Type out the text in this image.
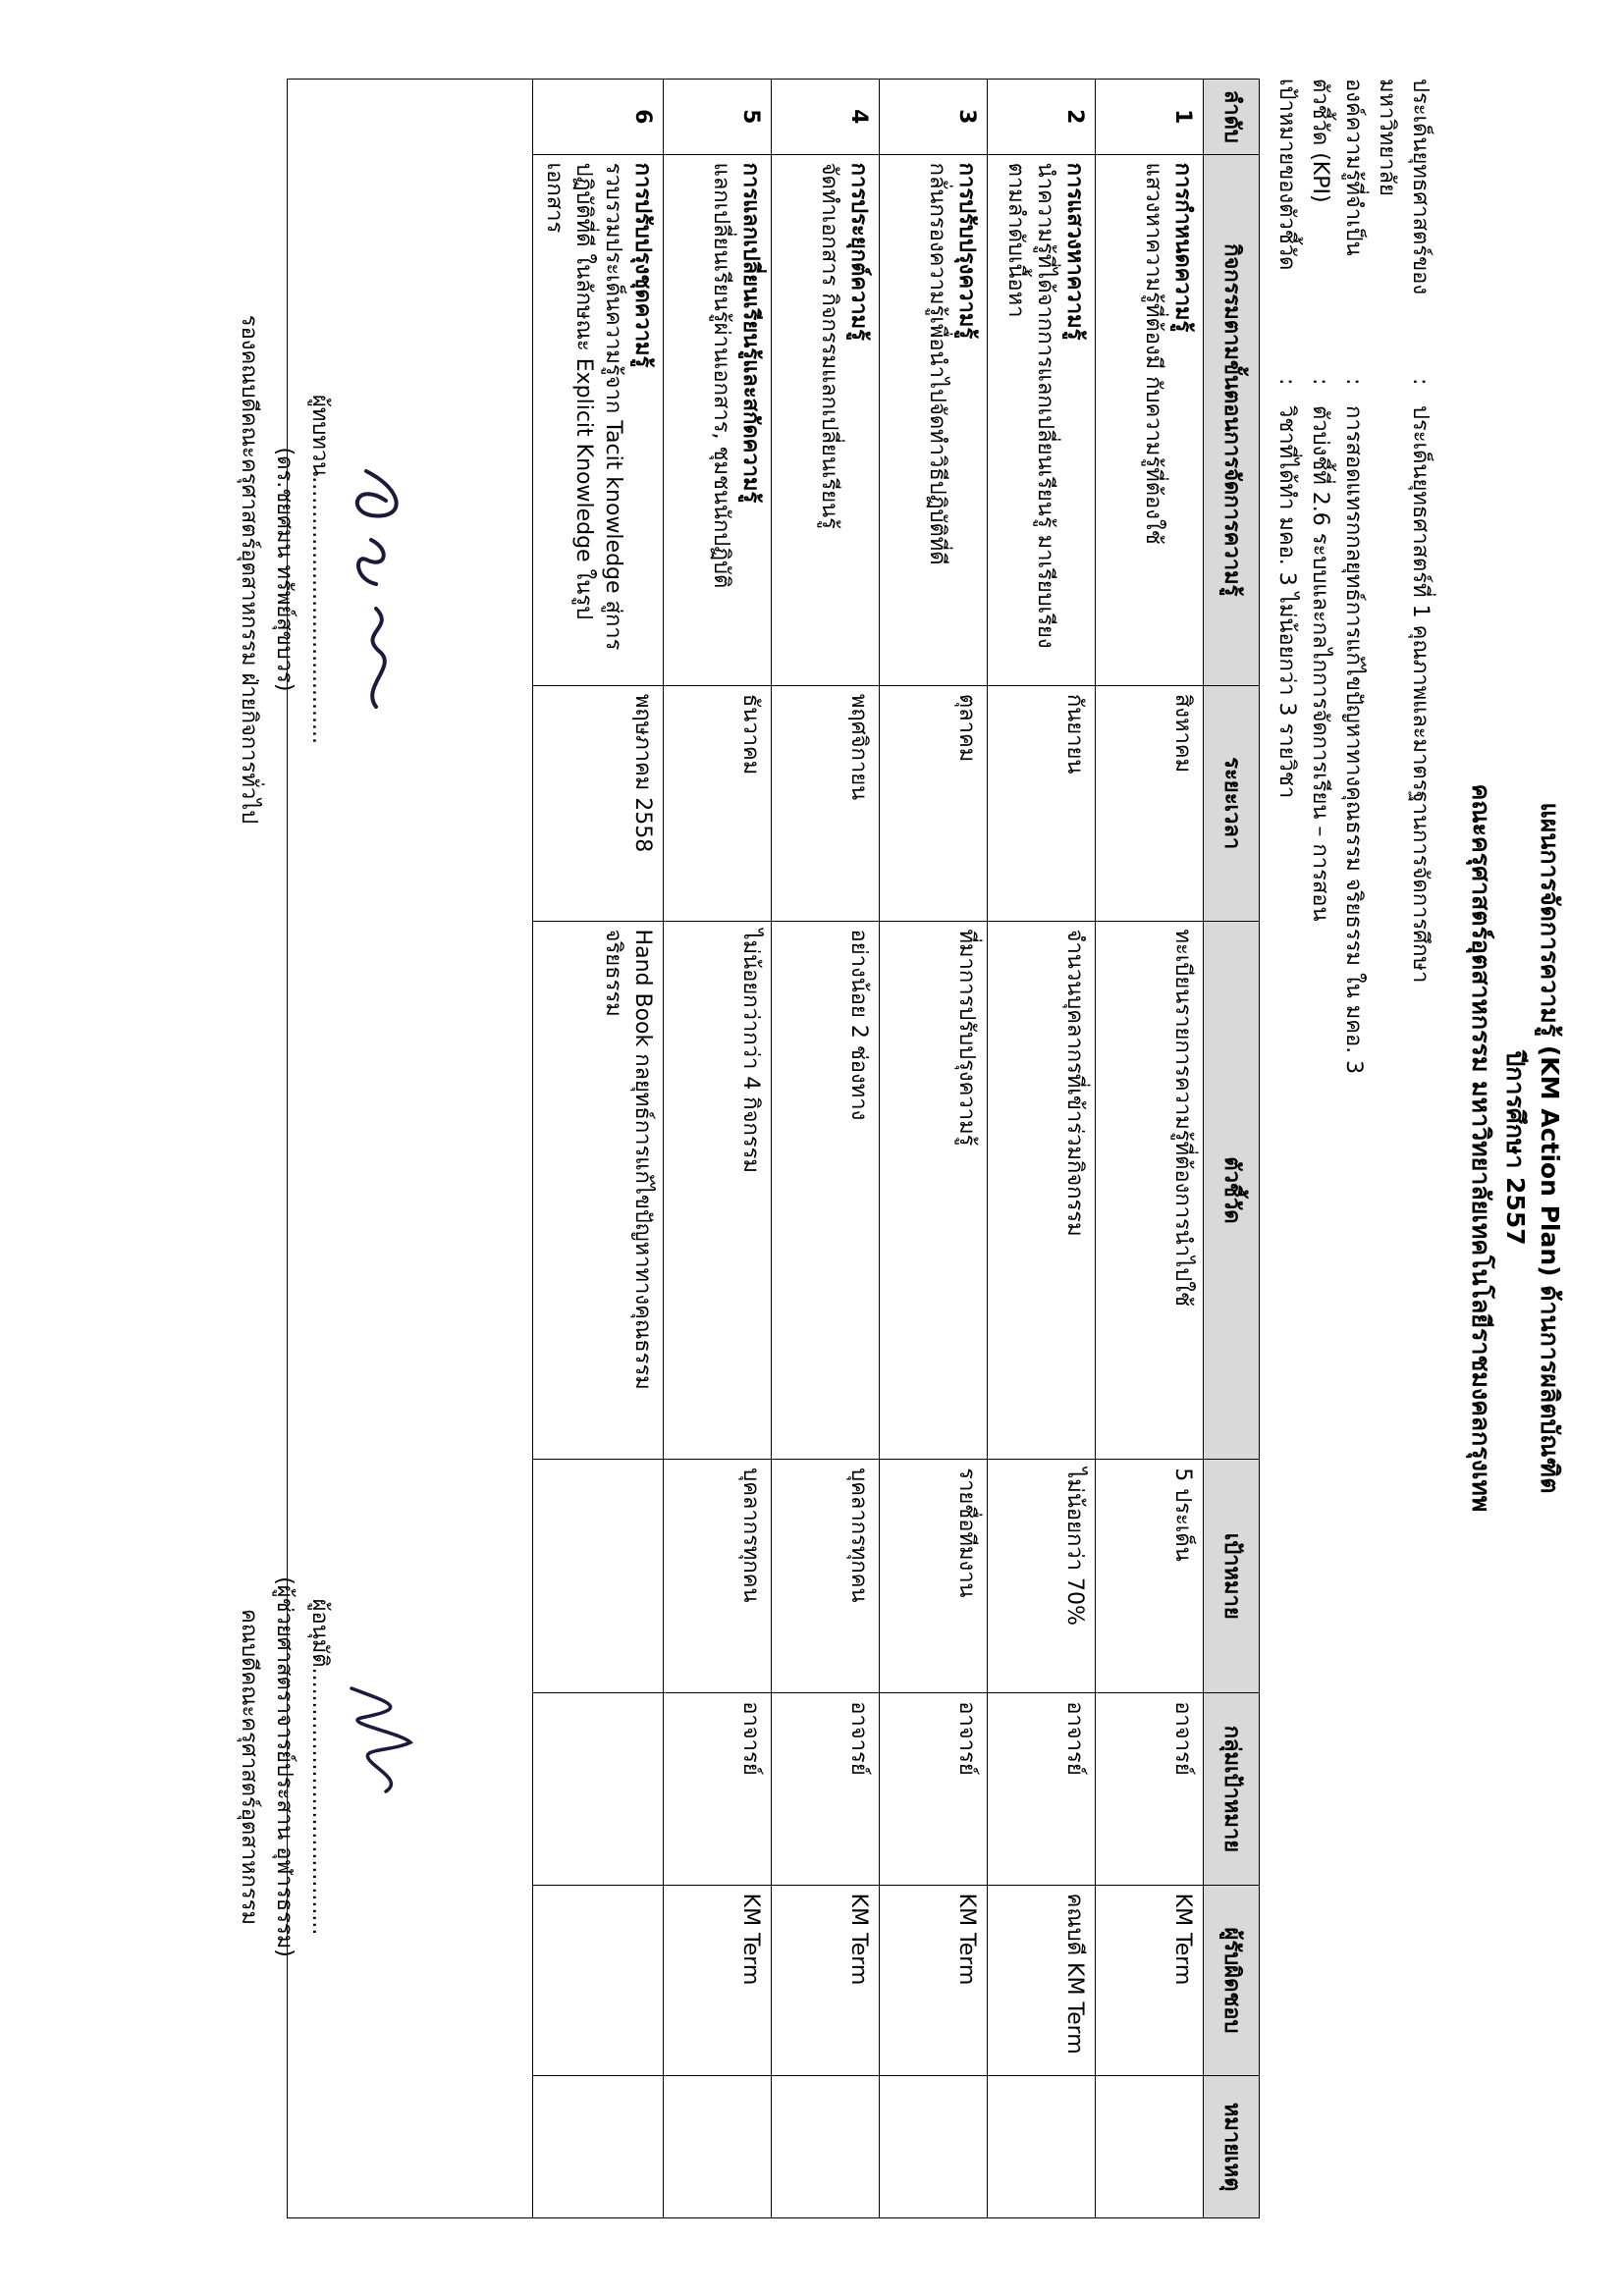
แผนการจัดการความรู้ (KM Action Plan) ด้านการผลิตบัณฑิต
ปีการศึกษา 2557
คณะครุศาสตร์อุตสาหกรรม มหาวิทยาลัยเทคโนโลยีราชมงคลกรุงเทพ
ประเด็นยุทธศาสตร์ของมหาวิทยาลัย
:
ประเด็นยุทธศาสตร์ที่ 1 คุณภาพและมาตรฐานการจัดการศึกษา
องค์ความรู้ที่จำเป็น
:
การสอดแทรกกลยุทธ์การแก้ไขปัญหาทางคุณธรรม จริยธรรม ใน มคอ. 3
ตัวชี้วัด (KPI)
:
ตัวบ่งชี้ที่ 2.6 ระบบและกลไกการจัดการเรียน – การสอน
เป้าหมายของตัวชี้วัด
:
วิชาที่ได้ทำ มคอ. 3 ไม่น้อยกว่า 3 รายวิชา
ลำดับ	กิจกรรมตามขั้นตอนการจัดการความรู้	ระยะเวลา	ตัวชี้วัด	เป้าหมาย	กลุ่มเป้าหมาย	ผู้รับผิดชอบ	หมายเหตุ
1	การกำหนดความรู้
แสวงหาความรู้ที่ต้องมี กับความรู้ที่ต้องใช้	สิงหาคม	ทะเบียนรายการความรู้ที่ต้องการนำไปใช้	5 ประเด็น	อาจารย์	KM Term	
2	การแสวงหาความรู้
นำความรู้ที่ได้จากการแลกเปลี่ยนเรียนรู้ มาเรียบเรียงตามลำดับเนื้อหา	กันยายน	จำนวนบุคลากรที่เข้าร่วมกิจกรรม	ไม่น้อยกว่า 70%	อาจารย์	คณบดี KM Term	
3	การปรับปรุงความรู้
กลั่นกรองความรู้เพื่อนำไปจัดทำวิธีปฏิบัติที่ดี	ตุลาคม	ที่มาการปรับปรุงความรู้	รายชื่อทีมงาน	อาจารย์	KM Term	
4	การประยุกต์ความรู้
จัดทำเอกสาร กิจกรรมแลกเปลี่ยนเรียนรู้	พฤศจิกายน	อย่างน้อย 2 ช่องทาง	บุคลากรทุกคน	อาจารย์	KM Term	
5	การแลกเปลี่ยนเรียนรู้และสกัดความรู้
แลกเปลี่ยนเรียนรู้ผ่านเอกสาร, ชุมชนนักปฏิบัติ	ธันวาคม	ไม่น้อยกว่ากว่า 4 กิจกรรม	บุคลากรทุกคน	อาจารย์	KM Term	
6	การปรับปรุงชุดความรู้
รวบรวมประเด็นความรู้จาก Tacit knowledge สู่การปฏิบัติที่ดี ในลักษณะ Explicit Knowledge ในรูปเอกสาร	พฤษภาคม 2558	Hand Book กลยุทธ์การแก้ไขปัญหาทางคุณธรรม จริยธรรม				

ผู้ทบทวน.......................................
(ดร.ชยศมน ทรัพย์สุขบวร)
รองคณบดีคณะครุศาสตร์อุตสาหกรรม ฝ่ายกิจการทั่วไป
ผู้อนุมัติ.......................................
(ผู้ช่วยศาสตราจารย์ประสาน อุฬารธรรม)
คณบดีคณะครุศาสตร์อุตสาหกรรม
